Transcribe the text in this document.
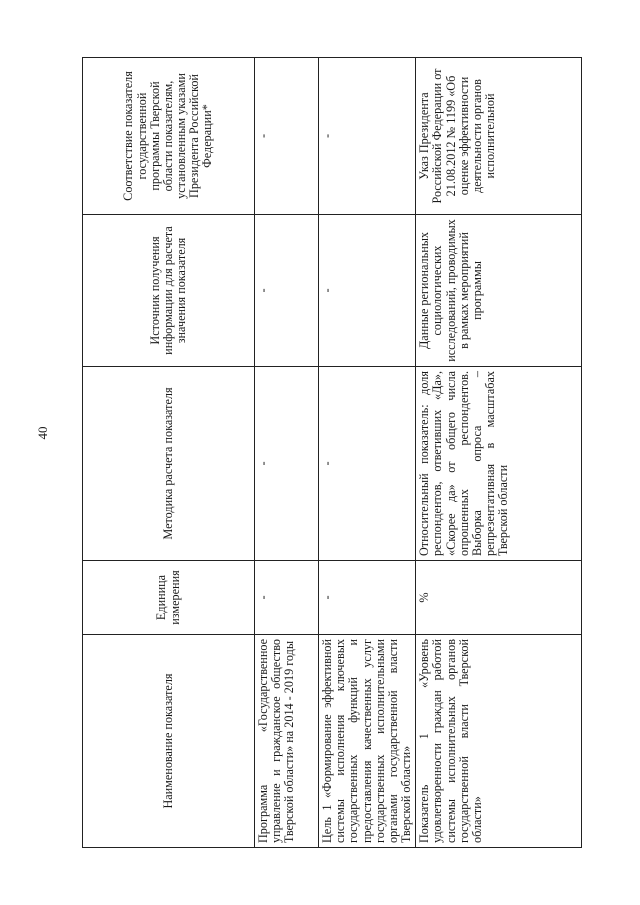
40
Наименование показателя	Единица измерения	Методика расчета показателя	Источник получения информации для расчета значения показателя	Соответствие показателя государственной программы Тверской области показателям, установленным указами Президента Российской Федерации*
Программа «Государственное управление и гражданское общество Тверской области» на 2014 - 2019 годы	-	-	-	-
Цель 1 «Формирование эффективной системы исполнения ключевых государственных функций и предоставления качественных услуг государственных исполнительными органами государственной власти Тверской области»	-	-	-	-
Показатель 1 «Уровень удовлетворенности граждан работой системы исполнительных органов государственной власти Тверской области»	%	Относительный показатель: доля респондентов, ответивших «Да», «Скорее да» от общего числа опрошенных респондентов. Выборка опроса – репрезентативная в масштабах Тверской области	Данные региональных социологических исследований, проводимых в рамках мероприятий программы	Указ Президента Российской Федерации от 21.08.2012 № 1199 «Об оценке эффективности деятельности органов исполнительной
